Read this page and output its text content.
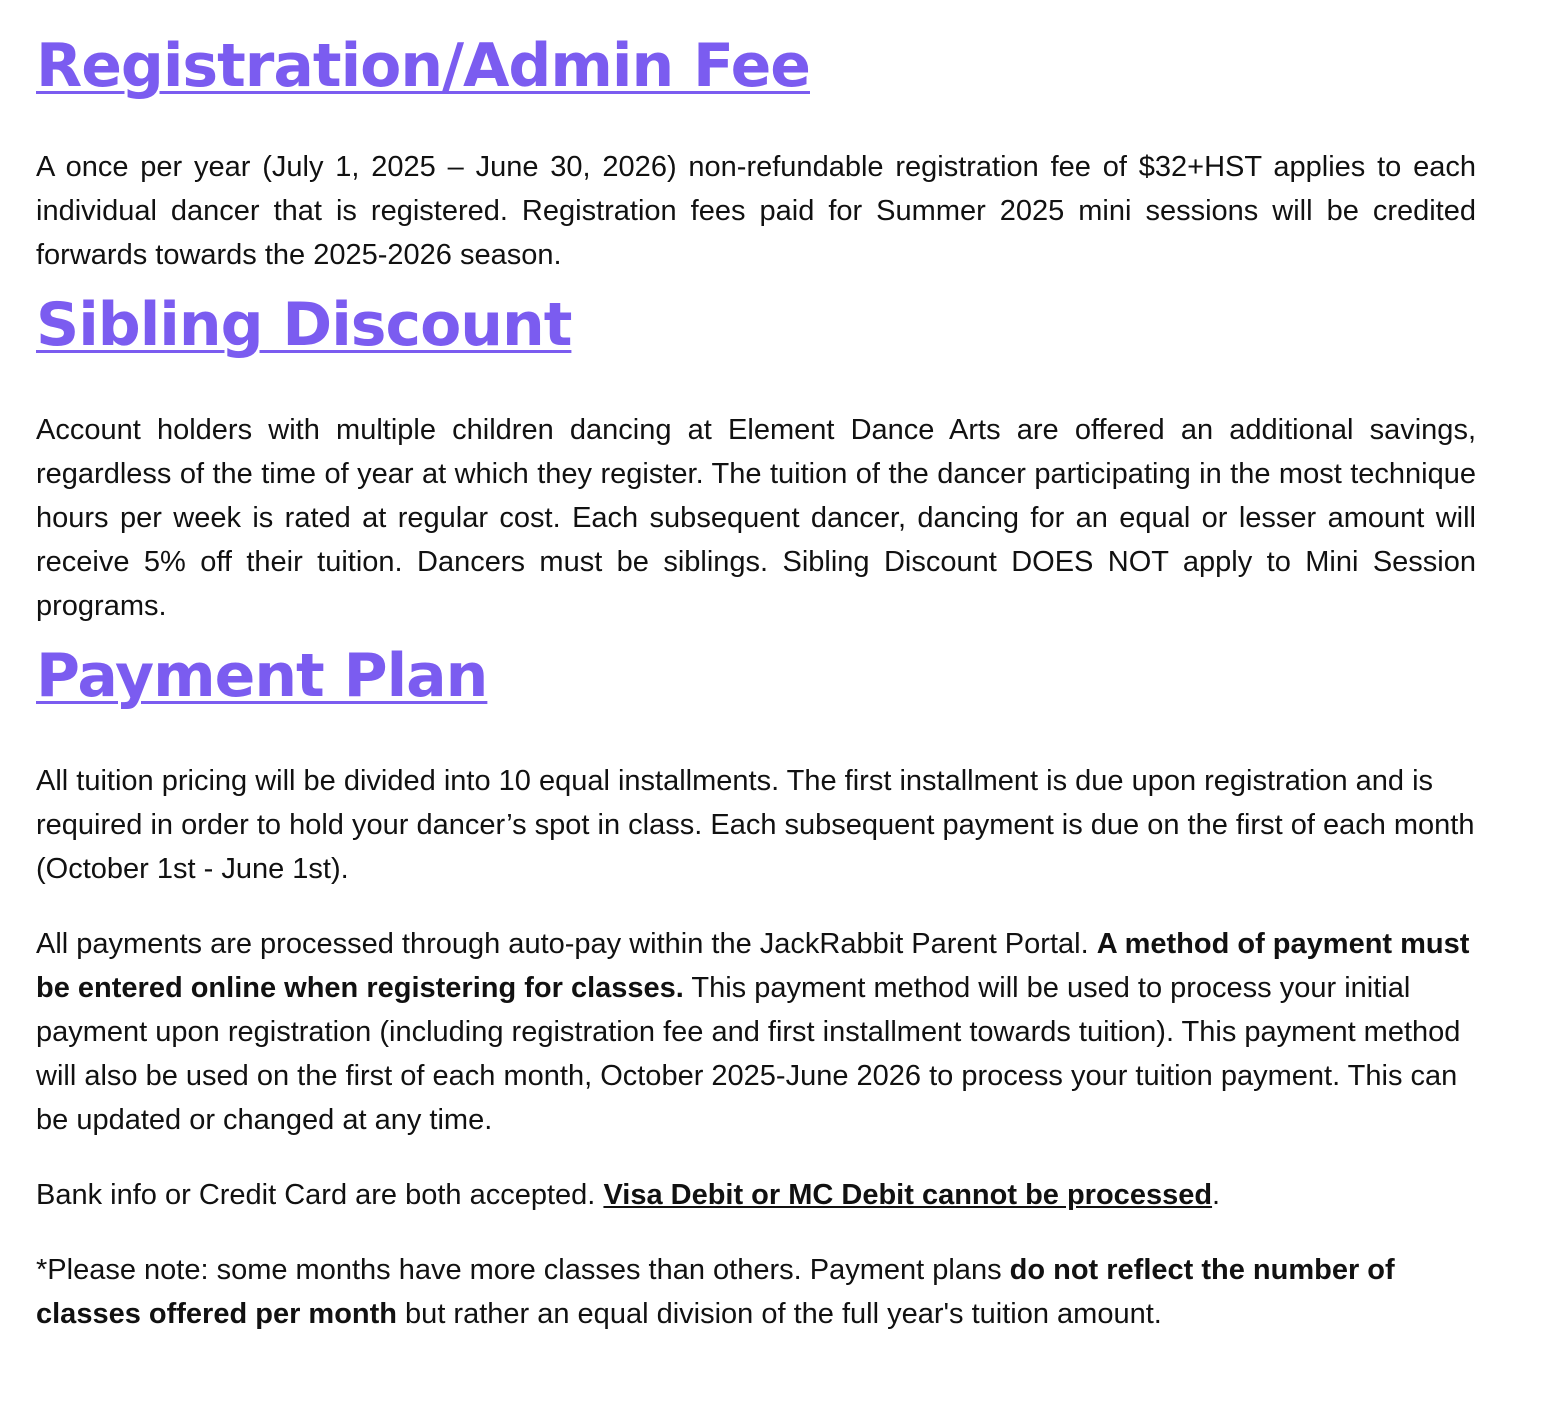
Registration/Admin Fee

A once per year (July 1, 2025 – June 30, 2026) non-refundable registration fee of $32+HST applies to each individual dancer that is registered. Registration fees paid for Summer 2025 mini sessions will be credited forwards towards the 2025-2026 season.

Sibling Discount

Account holders with multiple children dancing at Element Dance Arts are offered an additional savings, regardless of the time of year at which they register. The tuition of the dancer participating in the most technique hours per week is rated at regular cost. Each subsequent dancer, dancing for an equal or lesser amount will receive 5% off their tuition. Dancers must be siblings. Sibling Discount DOES NOT apply to Mini Session programs.

Payment Plan

All tuition pricing will be divided into 10 equal installments. The first installment is due upon registration and is required in order to hold your dancer’s spot in class. Each subsequent payment is due on the first of each month (October 1st - June 1st).

All payments are processed through auto-pay within the JackRabbit Parent Portal. A method of payment must be entered online when registering for classes. This payment method will be used to process your initial payment upon registration (including registration fee and first installment towards tuition). This payment method will also be used on the first of each month, October 2025-June 2026 to process your tuition payment. This can be updated or changed at any time.

Bank info or Credit Card are both accepted. Visa Debit or MC Debit cannot be processed.

*Please note: some months have more classes than others. Payment plans do not reflect the number of classes offered per month but rather an equal division of the full year's tuition amount.
